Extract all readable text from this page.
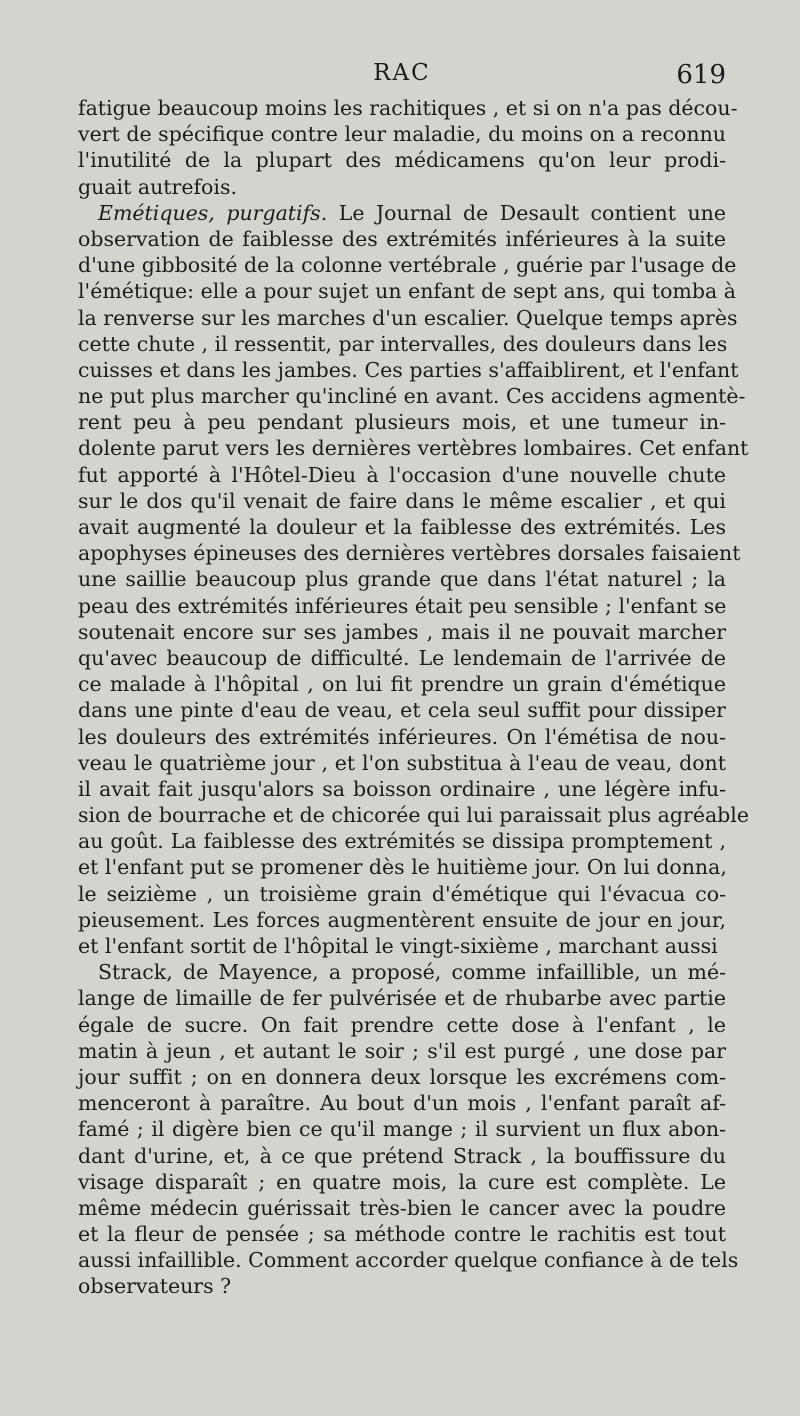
RAC	619
fatigue beaucoup moins les rachitiques , et si on n'a pas décou-
vert de spécifique contre leur maladie, du moins on a reconnu
l'inutilité de la plupart des médicamens qu'on leur prodi-
guait autrefois.
Emétiques, purgatifs. Le Journal de Desault contient une
observation de faiblesse des extrémités inférieures à la suite
d'une gibbosité de la colonne vertébrale , guérie par l'usage de
l'émétique: elle a pour sujet un enfant de sept ans, qui tomba à
la renverse sur les marches d'un escalier. Quelque temps après
cette chute , il ressentit, par intervalles, des douleurs dans les
cuisses et dans les jambes. Ces parties s'affaiblirent, et l'enfant
ne put plus marcher qu'incliné en avant. Ces accidens agmentè-
rent peu à peu pendant plusieurs mois, et une tumeur in-
dolente parut vers les dernières vertèbres lombaires. Cet enfant
fut apporté à l'Hôtel-Dieu à l'occasion d'une nouvelle chute
sur le dos qu'il venait de faire dans le même escalier , et qui
avait augmenté la douleur et la faiblesse des extrémités. Les
apophyses épineuses des dernières vertèbres dorsales faisaient
une saillie beaucoup plus grande que dans l'état naturel ; la
peau des extrémités inférieures était peu sensible ; l'enfant se
soutenait encore sur ses jambes , mais il ne pouvait marcher
qu'avec beaucoup de difficulté. Le lendemain de l'arrivée de
ce malade à l'hôpital , on lui fit prendre un grain d'émétique
dans une pinte d'eau de veau, et cela seul suffit pour dissiper
les douleurs des extrémités inférieures. On l'émétisa de nou-
veau le quatrième jour , et l'on substitua à l'eau de veau, dont
il avait fait jusqu'alors sa boisson ordinaire , une légère infu-
sion de bourrache et de chicorée qui lui paraissait plus agréable
au goût. La faiblesse des extrémités se dissipa promptement ,
et l'enfant put se promener dès le huitième jour. On lui donna,
le seizième , un troisième grain d'émétique qui l'évacua co-
pieusement. Les forces augmentèrent ensuite de jour en jour,
et l'enfant sortit de l'hôpital le vingt-sixième , marchant aussi
Strack, de Mayence, a proposé, comme infaillible, un mé-
lange de limaille de fer pulvérisée et de rhubarbe avec partie
égale de sucre. On fait prendre cette dose à l'enfant , le
matin à jeun , et autant le soir ; s'il est purgé , une dose par
jour suffit ; on en donnera deux lorsque les excrémens com-
menceront à paraître. Au bout d'un mois , l'enfant paraît af-
famé ; il digère bien ce qu'il mange ; il survient un flux abon-
dant d'urine, et, à ce que prétend Strack , la bouffissure du
visage disparaît ; en quatre mois, la cure est complète. Le
même médecin guérissait très-bien le cancer avec la poudre
et la fleur de pensée ; sa méthode contre le rachitis est tout
aussi infaillible. Comment accorder quelque confiance à de tels
observateurs ?
